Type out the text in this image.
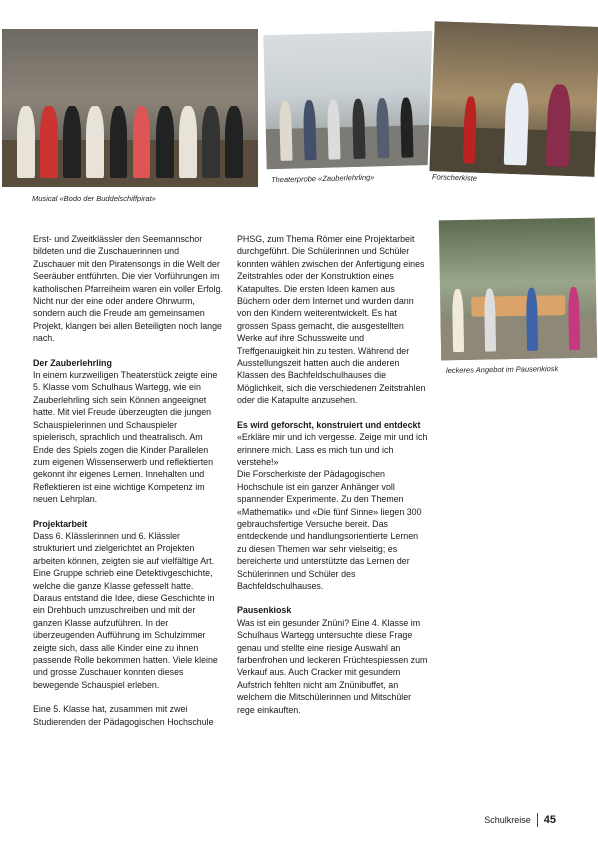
Musical «Bodo der Buddelschiffpirat»
Theaterprobe «Zauberlehrling»	Forscherkiste
leckeres Angebot im Pausenkiosk

Erst- und Zweitklässler den Seemannschor bildeten und die Zuschauerinnen und Zuschauer mit den Piratensongs in die Welt der Seeräuber entführten. Die vier Vorführungen im katholischen Pfarreiheim waren ein voller Erfolg. Nicht nur der eine oder andere Ohrwurm, sondern auch die Freude am gemeinsamen Projekt, klangen bei allen Beteiligten noch lange nach.

Der Zauberlehrling

In einem kurzweiligen Theaterstück zeigte eine 5. Klasse vom Schulhaus Wartegg, wie ein Zauberlehrling sich sein Können angeeignet hatte. Mit viel Freude überzeugten die jungen Schauspielerinnen und Schauspieler spielerisch, sprachlich und theatralisch. Am Ende des Spiels zogen die Kinder Parallelen zum eigenen Wissenserwerb und reflektierten gekonnt ihr eigenes Lernen. Innehalten und Reflektieren ist eine wichtige Kompetenz im neuen Lehrplan.

Projektarbeit

Dass 6. Klässlerinnen und 6. Klässler strukturiert und zielgerichtet an Projekten arbeiten können, zeigten sie auf vielfältige Art. Eine Gruppe schrieb eine Detektivgeschichte, welche die ganze Klasse gefesselt hatte. Daraus entstand die Idee, diese Geschichte in ein Drehbuch umzuschreiben und mit der ganzen Klasse aufzuführen. In der überzeugenden Aufführung im Schulzimmer zeigte sich, dass alle Kinder eine zu ihnen passende Rolle bekommen hatten. Viele kleine und grosse Zuschauer konnten dieses bewegende Schauspiel erleben.

Eine 5. Klasse hat, zusammen mit zwei Studierenden der Pädagogischen Hochschule

PHSG, zum Thema Römer eine Projektarbeit durchgeführt. Die Schülerinnen und Schüler konnten wählen zwischen der Anfertigung eines Zeitstrahles oder der Konstruktion eines Katapultes. Die ersten Ideen kamen aus Büchern oder dem Internet und wurden dann von den Kindern weiterentwickelt. Es hat grossen Spass gemacht, die ausgestellten Werke auf ihre Schussweite und Treffgenauigkeit hin zu testen. Während der Ausstellungszeit hatten auch die anderen Klassen des Bachfeldschulhauses die Möglichkeit, sich die verschiedenen Zeitstrahlen oder die Katapulte anzusehen.

Es wird geforscht, konstruiert und entdeckt

«Erkläre mir und ich vergesse. Zeige mir und ich erinnere mich. Lass es mich tun und ich verstehe!»

Die Forscherkiste der Pädagogischen Hochschule ist ein ganzer Anhänger voll spannender Experimente. Zu den Themen «Mathematik» und «Die fünf Sinne» liegen 300 gebrauchsfertige Versuche bereit. Das entdeckende und handlungsorientierte Lernen zu diesen Themen war sehr vielseitig; es bereicherte und unterstützte das Lernen der Schülerinnen und Schüler des Bachfeldschulhauses.

Pausenkiosk

Was ist ein gesunder Znüni? Eine 4. Klasse im Schulhaus Wartegg untersuchte diese Frage genau und stellte eine riesige Auswahl an farbenfrohen und leckeren Früchtespiessen zum Verkauf aus. Auch Cracker mit gesundem Aufstrich fehlten nicht am Znünibuffet, an welchem die Mitschülerinnen und Mitschüler rege einkauften.

Schulkreise 45
